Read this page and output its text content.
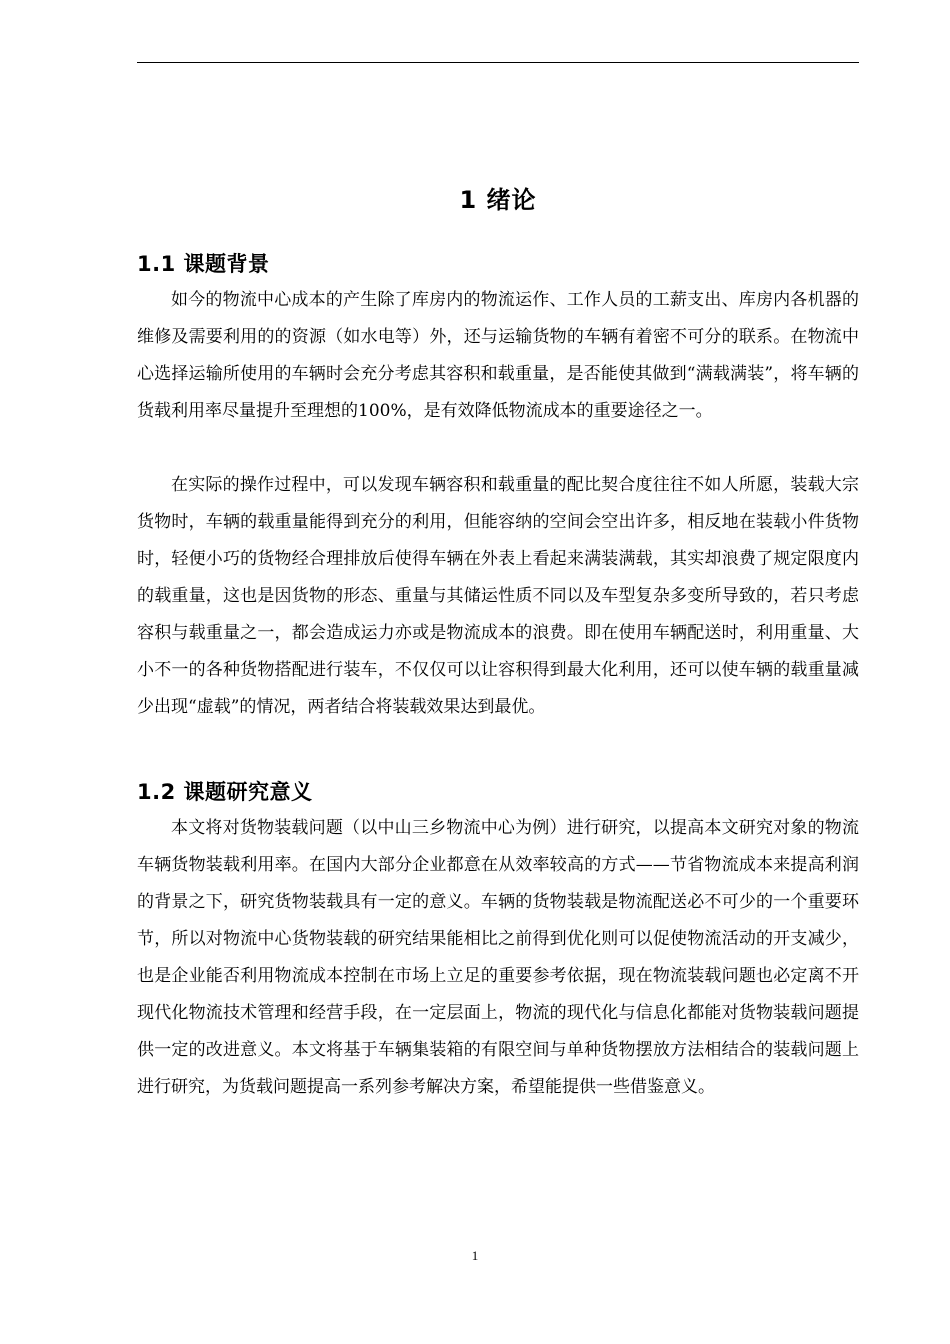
1 绪论
1.1 课题背景

如今的物流中心成本的产生除了库房内的物流运作、工作人员的工薪支出、库房内各机器的维修及需要利用的的资源（如水电等）外，还与运输货物的车辆有着密不可分的联系。在物流中心选择运输所使用的车辆时会充分考虑其容积和载重量，是否能使其做到“满载满装”，将车辆的货载利用率尽量提升至理想的100%，是有效降低物流成本的重要途径之一。

在实际的操作过程中，可以发现车辆容积和载重量的配比契合度往往不如人所愿，装载大宗货物时，车辆的载重量能得到充分的利用，但能容纳的空间会空出许多，相反地在装载小件货物时，轻便小巧的货物经合理排放后使得车辆在外表上看起来满装满载，其实却浪费了规定限度内的载重量，这也是因货物的形态、重量与其储运性质不同以及车型复杂多变所导致的，若只考虑容积与载重量之一，都会造成运力亦或是物流成本的浪费。即在使用车辆配送时，利用重量、大小不一的各种货物搭配进行装车，不仅仅可以让容积得到最大化利用，还可以使车辆的载重量减少出现“虚载”的情况，两者结合将装载效果达到最优。

1.2 课题研究意义

本文将对货物装载问题（以中山三乡物流中心为例）进行研究，以提高本文研究对象的物流车辆货物装载利用率。在国内大部分企业都意在从效率较高的方式——节省物流成本来提高利润的背景之下，研究货物装载具有一定的意义。车辆的货物装载是物流配送必不可少的一个重要环节，所以对物流中心货物装载的研究结果能相比之前得到优化则可以促使物流活动的开支减少，也是企业能否利用物流成本控制在市场上立足的重要参考依据，现在物流装载问题也必定离不开现代化物流技术管理和经营手段，在一定层面上，物流的现代化与信息化都能对货物装载问题提供一定的改进意义。本文将基于车辆集装箱的有限空间与单种货物摆放方法相结合的装载问题上进行研究，为货载问题提高一系列参考解决方案，希望能提供一些借鉴意义。

1
